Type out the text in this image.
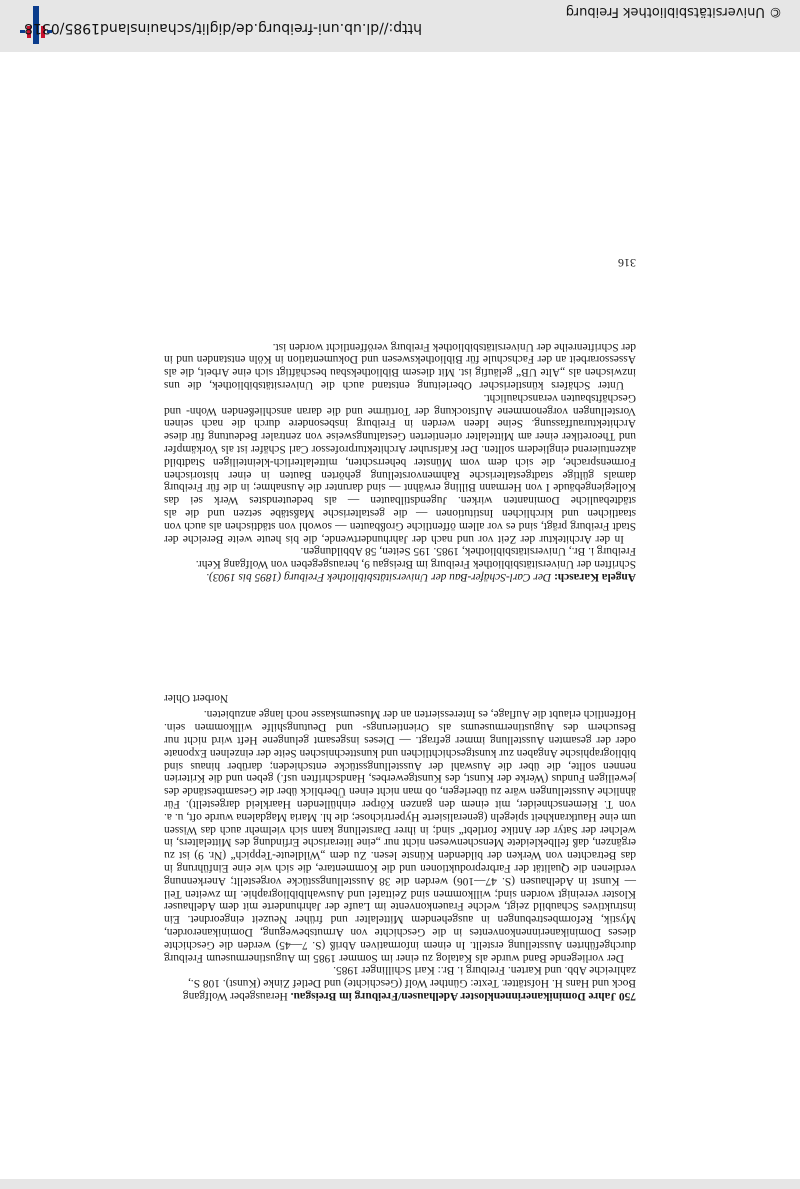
750 Jahre Dominikanerinnenkloster Adelhausen/Freiburg im Breisgau. Herausgeber Wolfgang Bock und Hans H. Hofstätter. Texte: Günther Wolf (Geschichte) und Detlef Zinke (Kunst). 108 S., zahlreiche Abb. und Karten. Freiburg i. Br.: Karl Schillinger 1985.

Der vorliegende Band wurde als Katalog zu einer im Sommer 1985 im Augustinermuseum Freiburg durchgeführten Ausstellung erstellt. In einem informativen Abriß (S. 7—45) werden die Geschichte dieses Dominikanerinnenkonventes in die Geschichte von Armutsbewegung, Dominikanerorden, Mystik, Reformbestrebungen in ausgehendem Mittelalter und früher Neuzeit eingeordnet. Ein instruktives Schaubild zeigt, welche Frauenkonvente im Laufe der Jahrhunderte mit dem Adelhauser Kloster vereinigt worden sind; willkommen sind Zeittafel und Auswahlbibliographie. Im zweiten Teil — Kunst in Adelhausen (S. 47—106) werden die 38 Ausstellungsstücke vorgestellt; Anerkennung verdienen die Qualität der Farbreproduktionen und die Kommentare, die sich wie eine Einführung in das Betrachten von Werken der bildenden Künste lesen. Zu dem „Wildleute-Teppich“ (Nr. 9) ist zu ergänzen, daß fellbekleidete Menschenwesen nicht nur „eine literarische Erfindung des Mittelalters, in welcher der Satyr der Antike fortlebt“ sind; in ihrer Darstellung kann sich vielmehr auch das Wissen um eine Hautkrankheit spiegeln (generalisierte Hypertrichose; die hl. Maria Magdalena wurde oft, u. a. von T. Riemenschneider, mit einem den ganzen Körper einhüllenden Haarkleid dargestellt). Für ähnliche Ausstellungen wäre zu überlegen, ob man nicht einen Überblick über die Gesamtbestände des jeweiligen Fundus (Werke der Kunst, des Kunstgewerbes, Handschriften usf.) geben und die Kriterien nennen sollte, die über die Auswahl der Ausstellungsstücke entschieden; darüber hinaus sind bibliographische Angaben zur kunstgeschichtlichen und kunsttechnischen Seite der einzelnen Exponate oder der gesamten Ausstellung immer gefragt. — Dieses insgesamt gelungene Heft wird nicht nur Besuchern des Augustinermuseums als Orientierungs- und Deutungshilfe willkommen sein. Hoffentlich erlaubt die Auflage, es Interessierten an der Museumskasse noch lange anzubieten.

Norbert Ohler

Angela Karasch: Der Carl-Schäfer-Bau der Universitätsbibliothek Freiburg (1895 bis 1903). Schriften der Universitätsbibliothek Freiburg im Breisgau 9, herausgegeben von Wolfgang Kehr. Freiburg i. Br., Universitätsbibliothek, 1985. 195 Seiten, 58 Abbildungen.

In der Architektur der Zeit vor und nach der Jahrhundertwende, die bis heute weite Bereiche der Stadt Freiburg prägt, sind es vor allem öffentliche Großbauten — sowohl von städtischen als auch von staatlichen und kirchlichen Institutionen — die gestalterische Maßstäbe setzen und die als städtebauliche Dominanten wirken. Jugendstilbauten — als bedeutendstes Werk sei das Kollegiengebäude I von Hermann Billing erwähnt — sind darunter die Ausnahme; in die für Freiburg damals gültige stadtgestalterische Rahmenvorstellung gehörten Bauten in einer historischen Formensprache, die sich dem vom Münster beherrschten, mittelalterlich-kleinteiligen Stadtbild akzentuierend eingliedern sollten. Der Karlsruher Architekturprofessor Carl Schäfer ist als Vorkämpfer und Theoretiker einer am Mittelalter orientierten Gestaltungsweise von zentraler Bedeutung für diese Architekturauffassung. Seine Ideen werden in Freiburg insbesondere durch die nach seinen Vorstellungen vorgenommene Aufstockung der Tortürme und die daran anschließenden Wohn- und Geschäftsbauten veranschaulicht.

Unter Schäfers künstlerischer Oberleitung entstand auch die Universitätsbibliothek, die uns inzwischen als „Alte UB“ geläufig ist. Mit diesem Bibliotheksbau beschäftigt sich eine Arbeit, die als Assessorarbeit an der Fachschule für Bibliothekswesen und Dokumentation in Köln entstanden und in der Schriftenreihe der Universitätsbibliothek Freiburg veröffentlicht worden ist.

316
http://dl.ub.uni-freiburg.de/diglit/schauinsland1985/0318
© Universitätsbibliothek Freiburg
